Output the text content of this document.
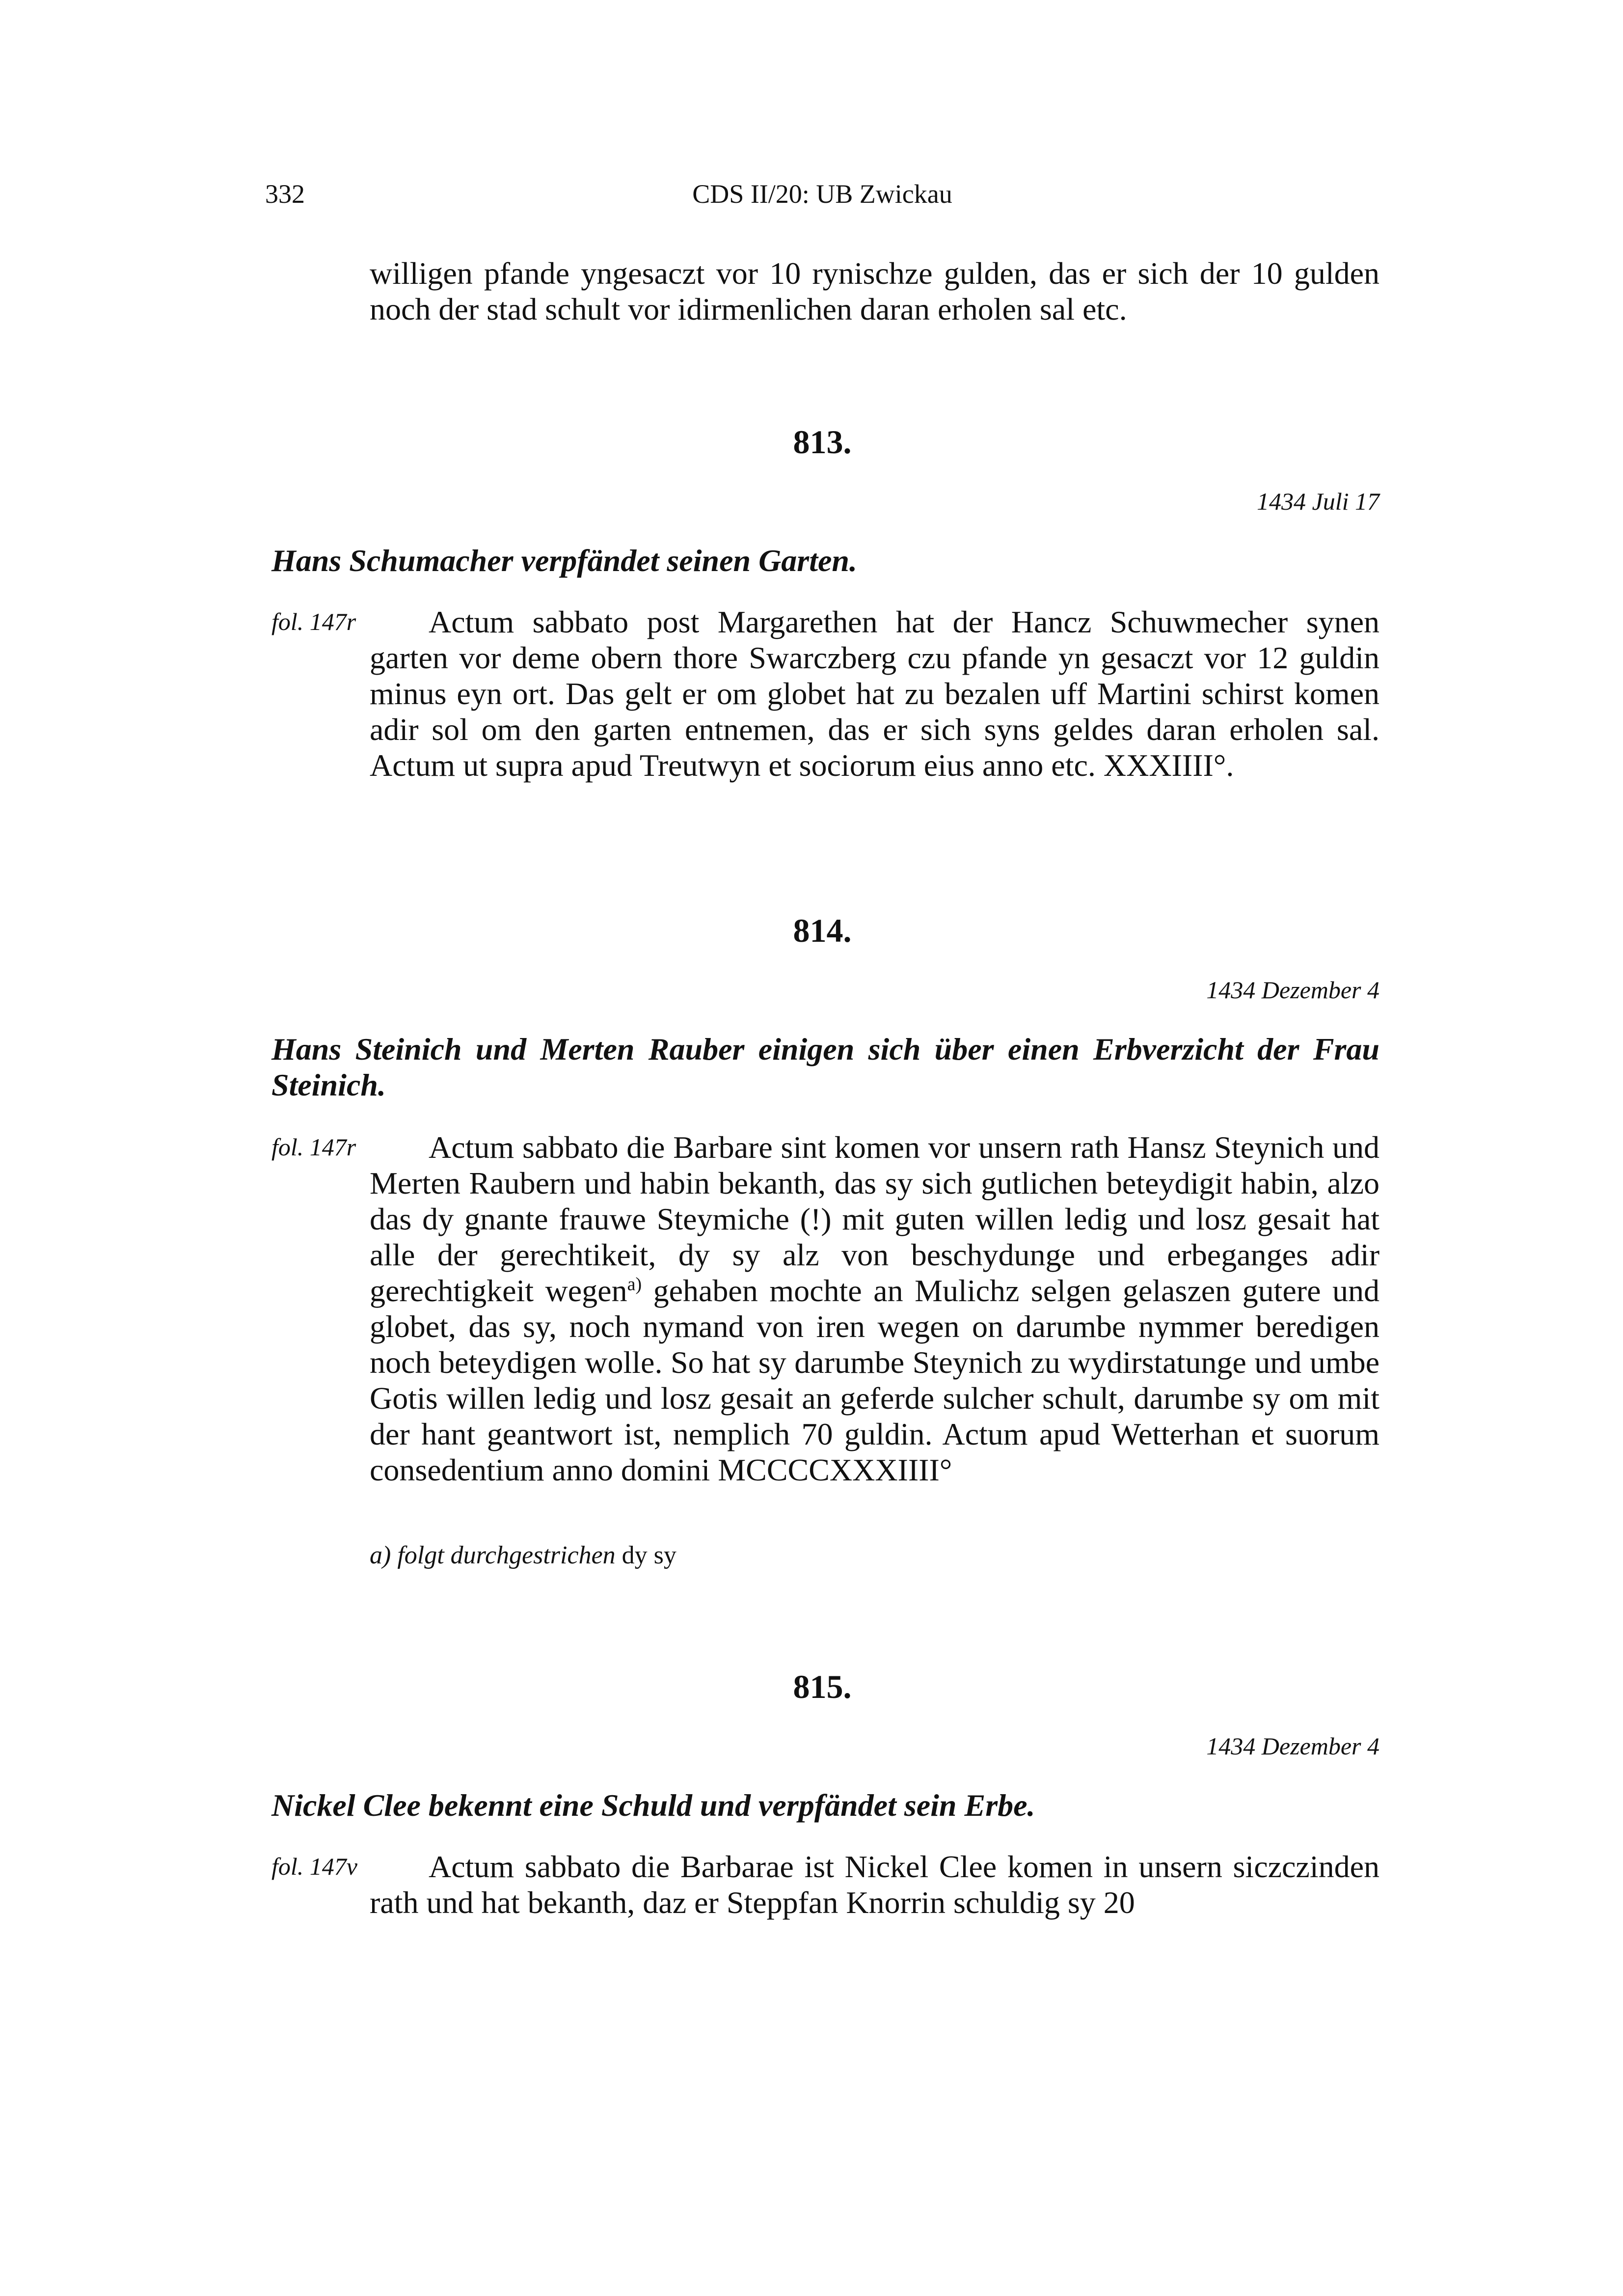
332	CDS II/20: UB Zwickau
willigen pfande yngesaczt vor 10 rynischze gulden, das er sich der 10 gulden noch der stad schult vor idirmenlichen daran erholen sal etc.
813.
1434 Juli 17
Hans Schumacher verpfändet seinen Garten.
fol. 147r	Actum sabbato post Margarethen hat der Hancz Schuwmecher synen garten vor deme obern thore Swarczberg czu pfande yn gesaczt vor 12 guldin minus eyn ort. Das gelt er om globet hat zu bezalen uff Martini schirst komen adir sol om den garten entnemen, das er sich syns geldes daran erholen sal. Actum ut supra apud Treutwyn et sociorum eius anno etc. XXXIIII°.
814.
1434 Dezember 4
Hans Steinich und Merten Rauber einigen sich über einen Erbverzicht der Frau Steinich.
fol. 147r	Actum sabbato die Barbare sint komen vor unsern rath Hansz Steynich und Merten Raubern und habin bekanth, das sy sich gutlichen beteydigit habin, alzo das dy gnante frauwe Steymiche (!) mit guten willen ledig und losz gesait hat alle der gerechtikeit, dy sy alz von beschydunge und erbeganges adir gerechtigkeit wegen$^{a)}$ gehaben mochte an Mulichz selgen gelaszen gutere und globet, das sy, noch nymand von iren wegen on darumbe nymmer beredigen noch beteydigen wolle. So hat sy darumbe Steynich zu wydirstatunge und umbe Gotis willen ledig und losz gesait an geferde sulcher schult, darumbe sy om mit der hant geantwort ist, nemplich 70 guldin. Actum apud Wetterhan et suorum consedentium anno domini MCCCCXXXIIII°
a) folgt durchgestrichen dy sy
815.
1434 Dezember 4
Nickel Clee bekennt eine Schuld und verpfändet sein Erbe.
fol. 147v	Actum sabbato die Barbarae ist Nickel Clee komen in unsern siczczinden rath und hat bekanth, daz er Steppfan Knorrin schuldig sy 20
